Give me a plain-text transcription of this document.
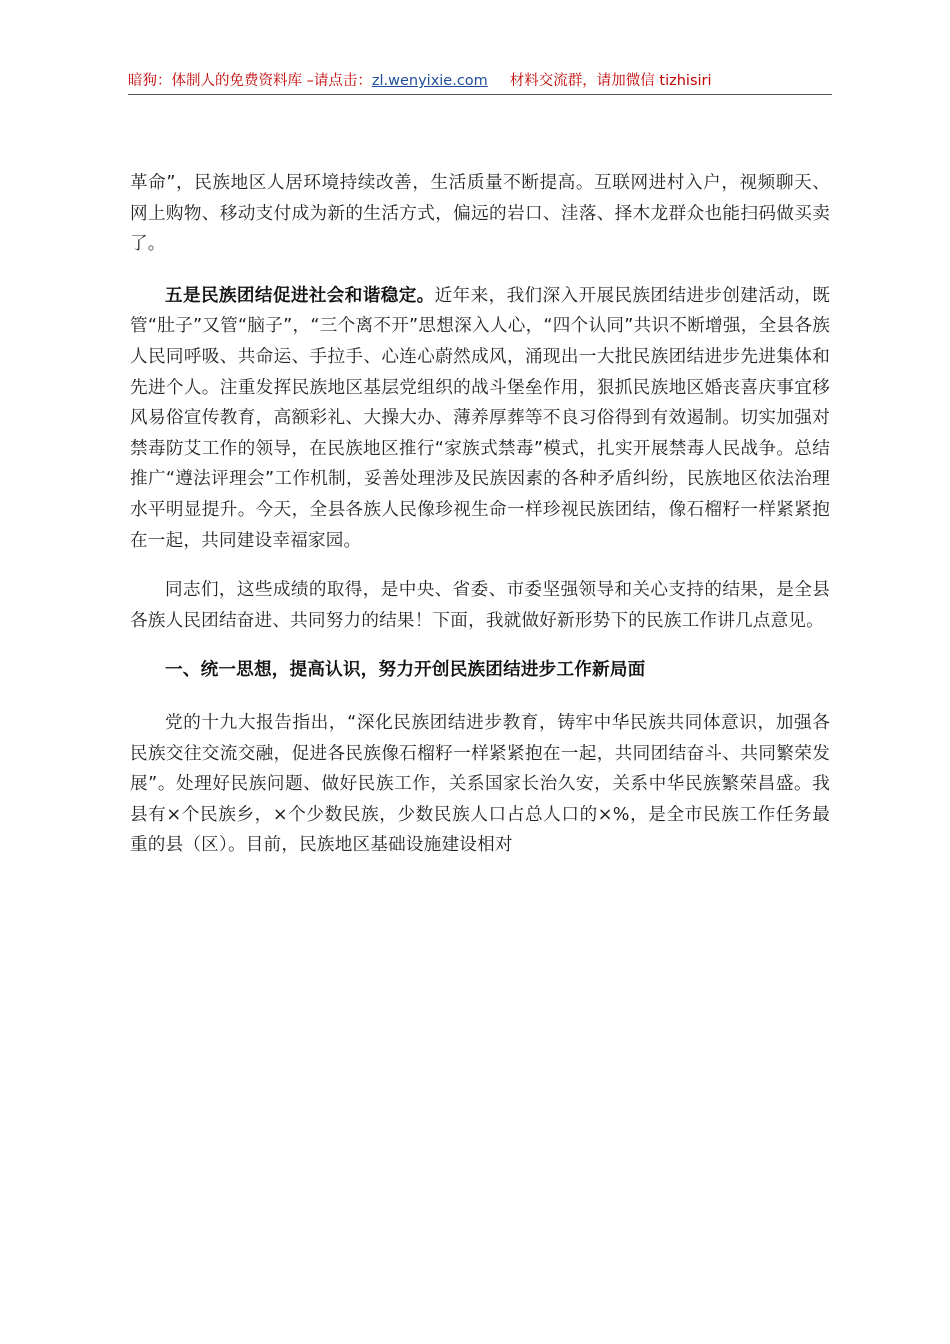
暗狗：体制人的免费资料库 –请点击：zl.wenyixie.com 材料交流群，请加微信 tizhisiri

革命”，民族地区人居环境持续改善，生活质量不断提高。互联网进村入户，视频聊天、网上购物、移动支付成为新的生活方式，偏远的岩口、洼落、择木龙群众也能扫码做买卖了。

五是民族团结促进社会和谐稳定。近年来，我们深入开展民族团结进步创建活动，既管“肚子”又管“脑子”，“三个离不开”思想深入人心，“四个认同”共识不断增强，全县各族人民同呼吸、共命运、手拉手、心连心蔚然成风，涌现出一大批民族团结进步先进集体和先进个人。注重发挥民族地区基层党组织的战斗堡垒作用，狠抓民族地区婚丧喜庆事宜移风易俗宣传教育，高额彩礼、大操大办、薄养厚葬等不良习俗得到有效遏制。切实加强对禁毒防艾工作的领导，在民族地区推行“家族式禁毒”模式，扎实开展禁毒人民战争。总结推广“遵法评理会”工作机制，妥善处理涉及民族因素的各种矛盾纠纷，民族地区依法治理水平明显提升。今天，全县各族人民像珍视生命一样珍视民族团结，像石榴籽一样紧紧抱在一起，共同建设幸福家园。

同志们，这些成绩的取得，是中央、省委、市委坚强领导和关心支持的结果，是全县各族人民团结奋进、共同努力的结果！下面，我就做好新形势下的民族工作讲几点意见。

一、统一思想，提高认识，努力开创民族团结进步工作新局面

党的十九大报告指出，“深化民族团结进步教育，铸牢中华民族共同体意识，加强各民族交往交流交融，促进各民族像石榴籽一样紧紧抱在一起，共同团结奋斗、共同繁荣发展”。处理好民族问题、做好民族工作，关系国家长治久安，关系中华民族繁荣昌盛。我县有×个民族乡，×个少数民族，少数民族人口占总人口的×%，是全市民族工作任务最重的县（区）。目前，民族地区基础设施建设相对
